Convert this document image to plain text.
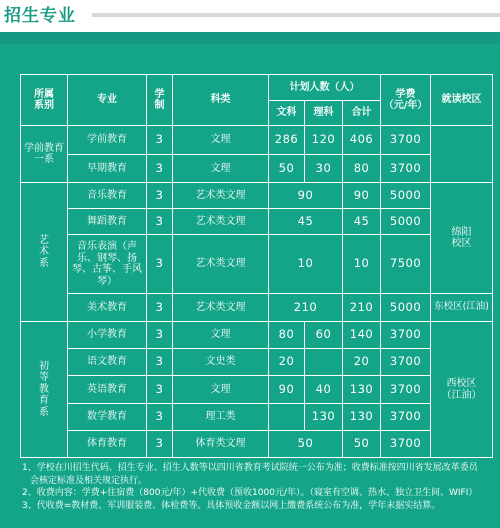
招生专业
所属
系别	专业	学
制	科类	计划人数（人）			学费
（元/年）	就读校区
				文科	理科	合计		
学前教育
一系	学前教育	3	文理	286	120	406	3700	
	早期教育	3	文理	50	30	80	3700	
艺
术
系	音乐教育	3	艺术类文理	90		90	5000	绵阳
校区
	舞蹈教育	3	艺术类文理	45		45	5000	
	音乐表演（声乐、钢琴、扬琴、古筝、手风琴）	3	艺术类文理	10		10	7500	
	美术教育	3	艺术类文理	210		210	5000	东校区(江油)
初
等
教
育
系	小学教育	3	文理	80	60	140	3700	西校区
（江油）
	语文教育	3	文史类	20		20	3700	
	英语教育	3	文理	90	40	130	3700	
	数学教育	3	理工类		130	130	3700	
	体育教育	3	体育类文理	50		50	3700	
1、学校在川招生代码、招生专业、招生人数等以四川省教育考试院统一公布为准；收费标准按四川省发展改革委员
会核定标准及相关规定执行。
2、收费内容：学费+住宿费（800元/年）+代收费（预收1000元/年）。（寝室有空调、热水、独立卫生间、WIFI）
3、代收费=教材费、军训服装费、体检费等。具体预收金额以网上缴费系统公布为准，学年末据实结算。
